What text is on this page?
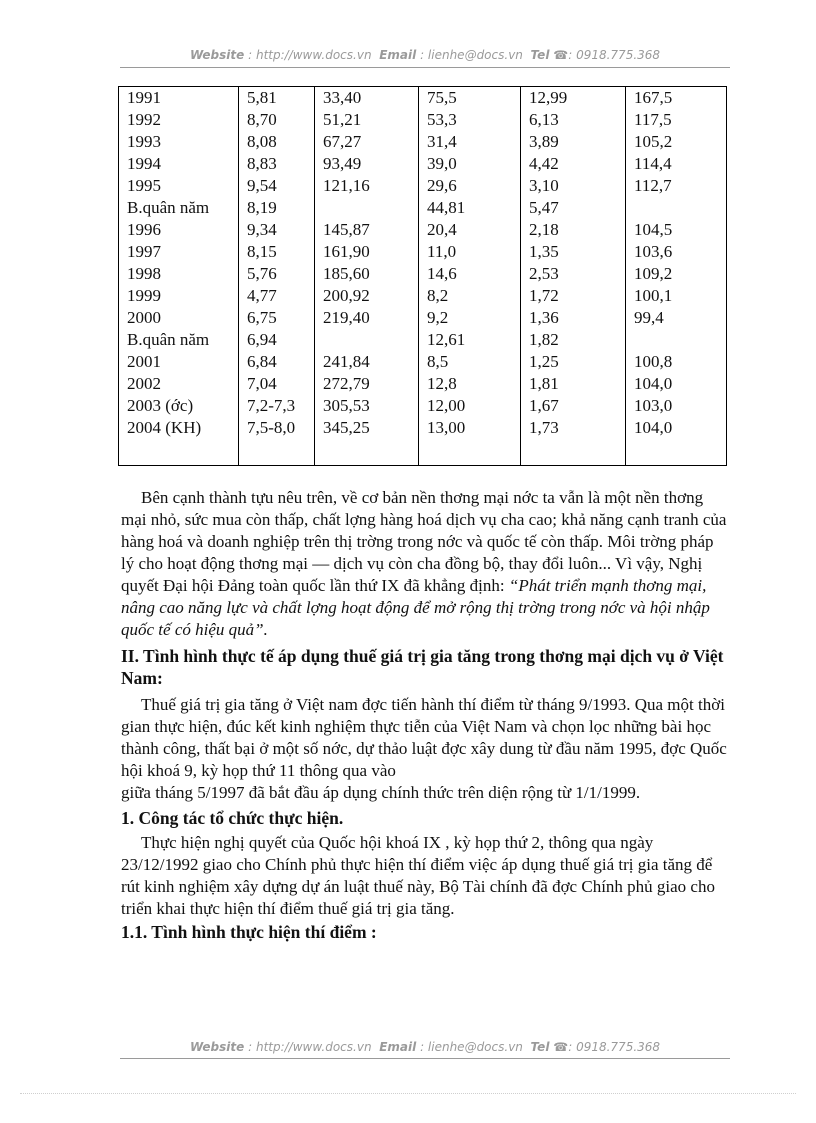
Website : http://www.docs.vn Email : lienhe@docs.vn Tel ☎: 0918.775.368
1991	5,81	33,40	75,5	12,99	167,5
1992	8,70	51,21	53,3	6,13	117,5
1993	8,08	67,27	31,4	3,89	105,2
1994	8,83	93,49	39,0	4,42	114,4
1995	9,54	121,16	29,6	3,10	112,7
B.quân năm	8,19		44,81	5,47	
1996	9,34	145,87	20,4	2,18	104,5
1997	8,15	161,90	11,0	1,35	103,6
1998	5,76	185,60	14,6	2,53	109,2
1999	4,77	200,92	8,2	1,72	100,1
2000	6,75	219,40	9,2	1,36	99,4
B.quân năm	6,94		12,61	1,82	
2001	6,84	241,84	8,5	1,25	100,8
2002	7,04	272,79	12,8	1,81	104,0
2003 (ớc)	7,2-7,3	305,53	12,00	1,67	103,0
2004 (KH)	7,5-8,0	345,25	13,00	1,73	104,0

Bên cạnh thành tựu nêu trên, về cơ bản nền thơng mại nớc ta vẫn là một nền thơng mại nhỏ, sức mua còn thấp, chất lợng hàng hoá dịch vụ cha cao; khả năng cạnh tranh của hàng hoá và doanh nghiệp trên thị trờng trong nớc và quốc tế còn thấp. Môi trờng pháp lý cho hoạt động thơng mại — dịch vụ còn cha đồng bộ, thay đổi luôn... Vì vậy, Nghị quyết Đại hội Đảng toàn quốc lần thứ IX đã khẳng định: “Phát triển mạnh thơng mại, nâng cao năng lực và chất lợng hoạt động để mở rộng thị trờng trong nớc và hội nhập quốc tế có hiệu quả”.

II. Tình hình thực tế áp dụng thuế giá trị gia tăng trong thơng mại dịch vụ ở Việt Nam:

Thuế giá trị gia tăng ở Việt nam đợc tiến hành thí điểm từ tháng 9/1993. Qua một thời gian thực hiện, đúc kết kinh nghiệm thực tiễn của Việt Nam và chọn lọc những bài học thành công, thất bại ở một số nớc, dự thảo luật đợc xây dung từ đầu năm 1995, đợc Quốc hội khoá 9, kỳ họp thứ 11 thông qua vào

giữa tháng 5/1997 đã bắt đầu áp dụng chính thức trên diện rộng từ 1/1/1999.

1. Công tác tổ chức thực hiện.

Thực hiện nghị quyết của Quốc hội khoá IX , kỳ họp thứ 2, thông qua ngày 23/12/1992 giao cho Chính phủ thực hiện thí điểm việc áp dụng thuế giá trị gia tăng để rút kinh nghiệm xây dựng dự án luật thuế này, Bộ Tài chính đã đợc Chính phủ giao cho triển khai thực hiện thí điểm thuế giá trị gia tăng.

1.1. Tình hình thực hiện thí điểm :

Website : http://www.docs.vn Email : lienhe@docs.vn Tel ☎: 0918.775.368
